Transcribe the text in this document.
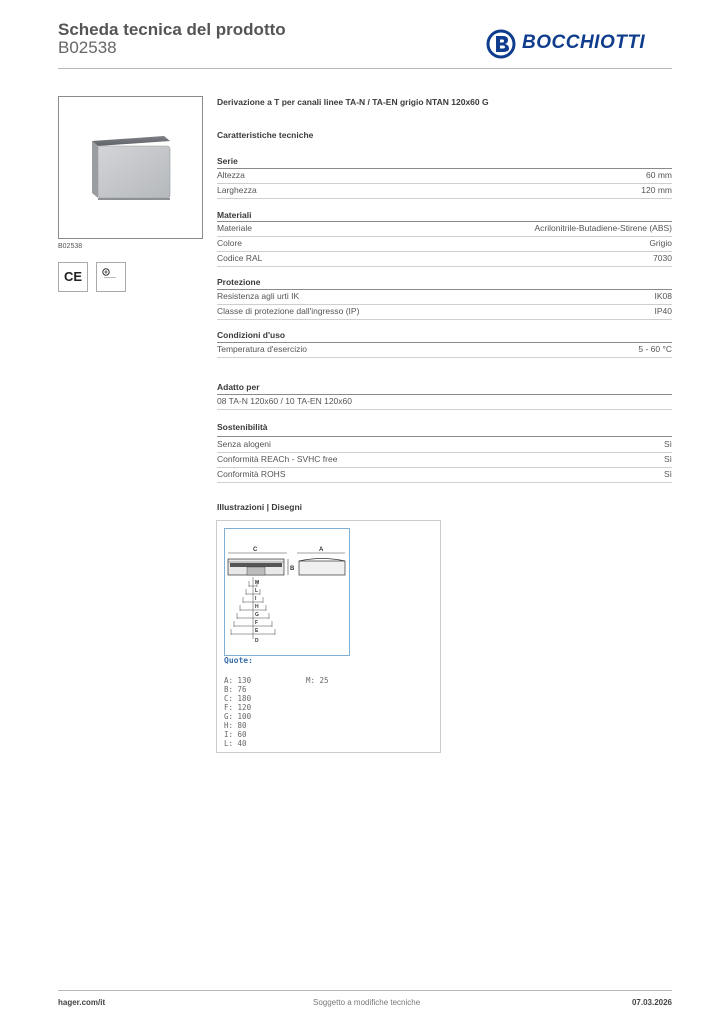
Scheda tecnica del prodotto
B02538	BOCCHIOTTI
B02538
CE
Derivazione a T per canali linee TA-N / TA-EN grigio NTAN 120x60 G
Caratteristiche tecniche
Serie
Altezza	60 mm
Larghezza	120 mm
Materiali
Materiale	Acrilonitrile-Butadiene-Stirene (ABS)
Colore	Grigio
Codice RAL	7030
Protezione
Resistenza agli urti IK	IK08
Classe di protezione dall'ingresso (IP)	IP40
Condizioni d'uso
Temperatura d'esercizio	5 - 60 °C
Adatto per
08 TA-N 120x60 / 10 TA-EN 120x60
Sostenibilità
Senza alogeni	Sì
Conformità REACh - SVHC free	Sì
Conformità ROHS	Sì
Illustrazioni | Disegni
C	A
B
M
L
I
H
G
F
E
D
Quote:
A: 130
B: 76
C: 180
F: 120
G: 100
H: 80
I: 60
L: 40
M: 25
hager.com/it	Soggetto a modifiche tecniche	07.03.2026
